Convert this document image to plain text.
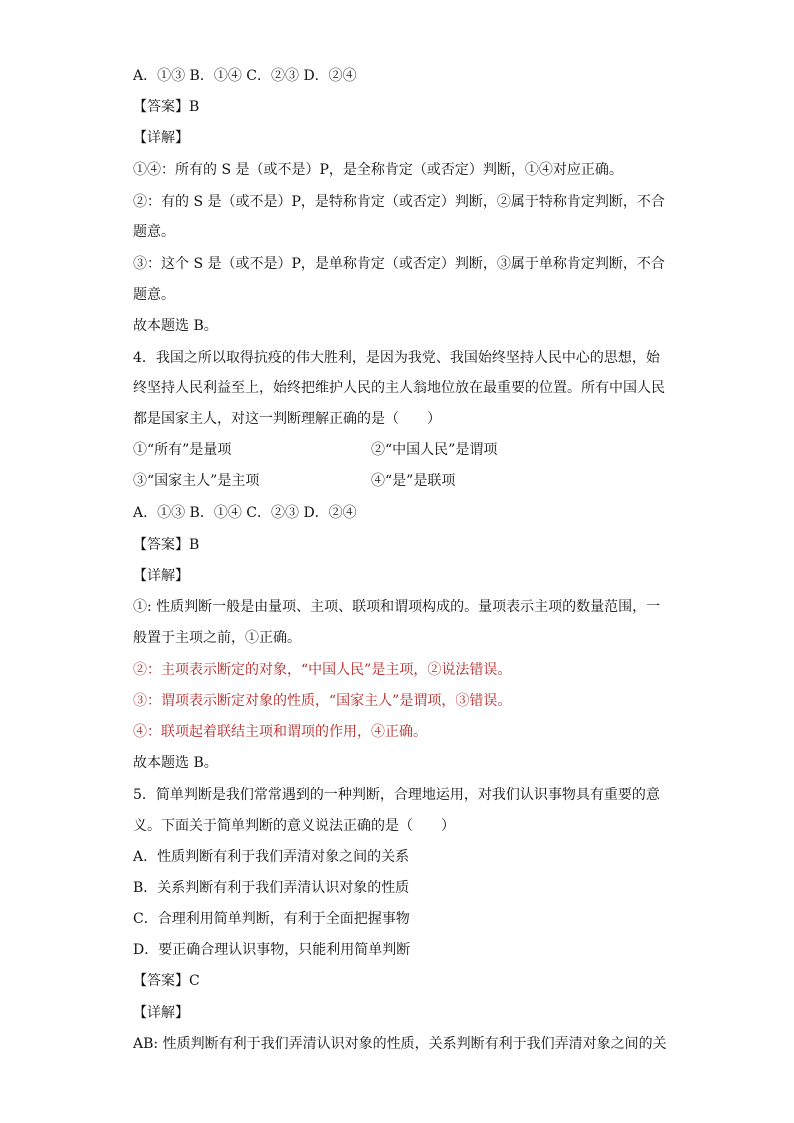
A．①③ B．①④ C．②③ D．②④
【答案】B
【详解】
①④：所有的 S 是（或不是）P，是全称肯定（或否定）判断，①④对应正确。
②：有的 S 是（或不是）P，是特称肯定（或否定）判断，②属于特称肯定判断，不合
题意。
③：这个 S 是（或不是）P，是单称肯定（或否定）判断，③属于单称肯定判断，不合
题意。
故本题选 B。
4．我国之所以取得抗疫的伟大胜利，是因为我党、我国始终坚持人民中心的思想，始
终坚持人民利益至上，始终把维护人民的主人翁地位放在最重要的位置。所有中国人民
都是国家主人，对这一判断理解正确的是（　　）
①“所有”是量项	②“中国人民”是谓项
③“国家主人”是主项	④“是”是联项
A．①③ B．①④ C．②③ D．②④
【答案】B
【详解】
①: 性质判断一般是由量项、主项、联项和谓项构成的。量项表示主项的数量范围，一
般置于主项之前，①正确。
②：主项表示断定的对象，“中国人民”是主项，②说法错误。
③：谓项表示断定对象的性质，“国家主人”是谓项，③错误。
④：联项起着联结主项和谓项的作用，④正确。
故本题选 B。
5．简单判断是我们常常遇到的一种判断，合理地运用，对我们认识事物具有重要的意
义。下面关于简单判断的意义说法正确的是（　　）
A．性质判断有利于我们弄清对象之间的关系
B．关系判断有利于我们弄清认识对象的性质
C．合理利用简单判断，有利于全面把握事物
D．要正确合理认识事物，只能利用简单判断
【答案】C
【详解】
AB: 性质判断有利于我们弄清认识对象的性质，关系判断有利于我们弄清对象之间的关
